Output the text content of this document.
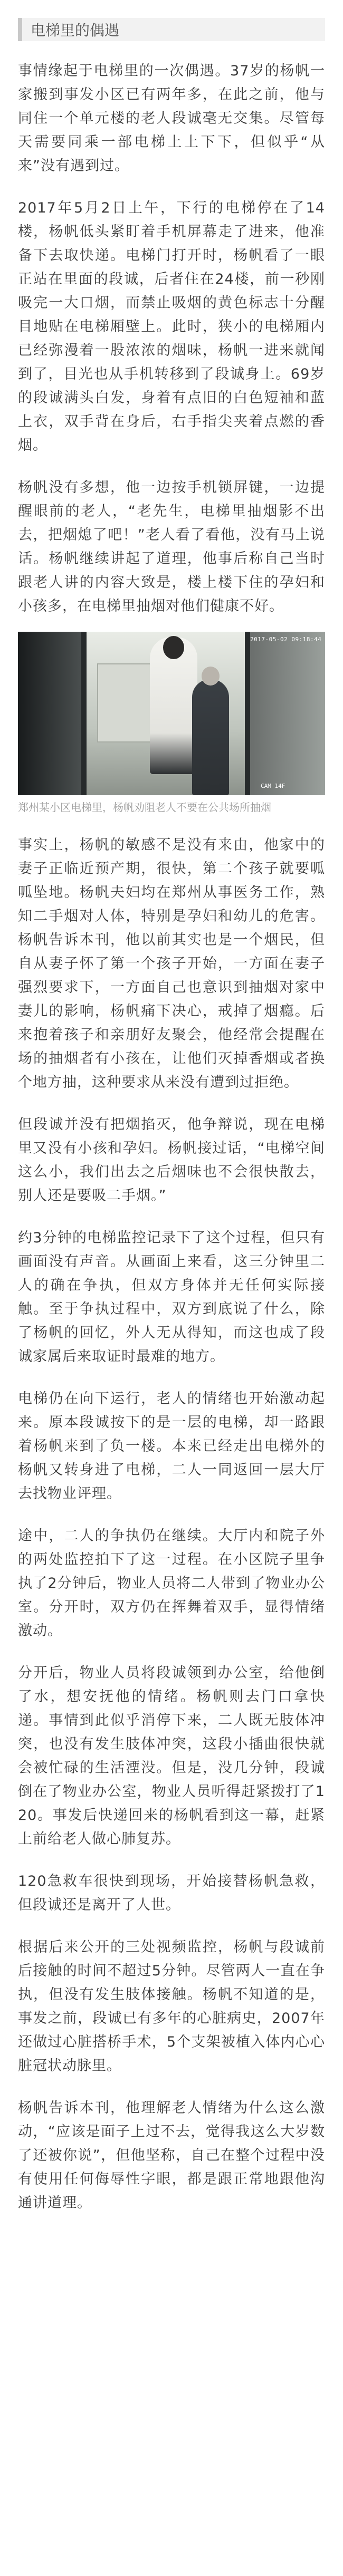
电梯里的偶遇

事情缘起于电梯里的一次偶遇。37岁的杨帆一家搬到事发小区已有两年多，在此之前，他与同住一个单元楼的老人段诚毫无交集。尽管每天需要同乘一部电梯上上下下，但似乎“从来”没有遇到过。

2017年5月2日上午，下行的电梯停在了14楼，杨帆低头紧盯着手机屏幕走了进来，他准备下去取快递。电梯门打开时，杨帆看了一眼正站在里面的段诚，后者住在24楼，前一秒刚吸完一大口烟，而禁止吸烟的黄色标志十分醒目地贴在电梯厢壁上。此时，狭小的电梯厢内已经弥漫着一股浓浓的烟味，杨帆一进来就闻到了，目光也从手机转移到了段诚身上。69岁的段诚满头白发，身着有点旧的白色短袖和蓝上衣，双手背在身后，右手指尖夹着点燃的香烟。

杨帆没有多想，他一边按手机锁屏键，一边提醒眼前的老人，“老先生，电梯里抽烟影不出去，把烟熄了吧！”老人看了看他，没有马上说话。杨帆继续讲起了道理，他事后称自己当时跟老人讲的内容大致是，楼上楼下住的孕妇和小孩多，在电梯里抽烟对他们健康不好。

2017-05-02 09:18:44
CAM 14F

郑州某小区电梯里，杨帆劝阻老人不要在公共场所抽烟

事实上，杨帆的敏感不是没有来由，他家中的妻子正临近预产期，很快，第二个孩子就要呱呱坠地。杨帆夫妇均在郑州从事医务工作，熟知二手烟对人体，特别是孕妇和幼儿的危害。杨帆告诉本刊，他以前其实也是一个烟民，但自从妻子怀了第一个孩子开始，一方面在妻子强烈要求下，一方面自己也意识到抽烟对家中妻儿的影响，杨帆痛下决心，戒掉了烟瘾。后来抱着孩子和亲朋好友聚会，他经常会提醒在场的抽烟者有小孩在，让他们灭掉香烟或者换个地方抽，这种要求从来没有遭到过拒绝。

但段诚并没有把烟掐灭，他争辩说，现在电梯里又没有小孩和孕妇。杨帆接过话，“电梯空间这么小，我们出去之后烟味也不会很快散去，别人还是要吸二手烟。”

约3分钟的电梯监控记录下了这个过程，但只有画面没有声音。从画面上来看，这三分钟里二人的确在争执，但双方身体并无任何实际接触。至于争执过程中，双方到底说了什么，除了杨帆的回忆，外人无从得知，而这也成了段诚家属后来取证时最难的地方。

电梯仍在向下运行，老人的情绪也开始激动起来。原本段诚按下的是一层的电梯，却一路跟着杨帆来到了负一楼。本来已经走出电梯外的杨帆又转身进了电梯，二人一同返回一层大厅去找物业评理。

途中，二人的争执仍在继续。大厅内和院子外的两处监控拍下了这一过程。在小区院子里争执了2分钟后，物业人员将二人带到了物业办公室。分开时，双方仍在挥舞着双手，显得情绪激动。

分开后，物业人员将段诚领到办公室，给他倒了水，想安抚他的情绪。杨帆则去门口拿快递。事情到此似乎消停下来，二人既无肢体冲突，也没有发生肢体冲突，这段小插曲很快就会被忙碌的生活湮没。但是，没几分钟，段诚倒在了物业办公室，物业人员听得赶紧拨打了120。事发后快递回来的杨帆看到这一幕，赶紧上前给老人做心肺复苏。

120急救车很快到现场，开始接替杨帆急救，但段诚还是离开了人世。

根据后来公开的三处视频监控，杨帆与段诚前后接触的时间不超过5分钟。尽管两人一直在争执，但没有发生肢体接触。杨帆不知道的是，事发之前，段诚已有多年的心脏病史，2007年还做过心脏搭桥手术，5个支架被植入体内心心脏冠状动脉里。

杨帆告诉本刊，他理解老人情绪为什么这么激动，“应该是面子上过不去，觉得我这么大岁数了还被你说”，但他坚称，自己在整个过程中没有使用任何侮辱性字眼，都是跟正常地跟他沟通讲道理。
